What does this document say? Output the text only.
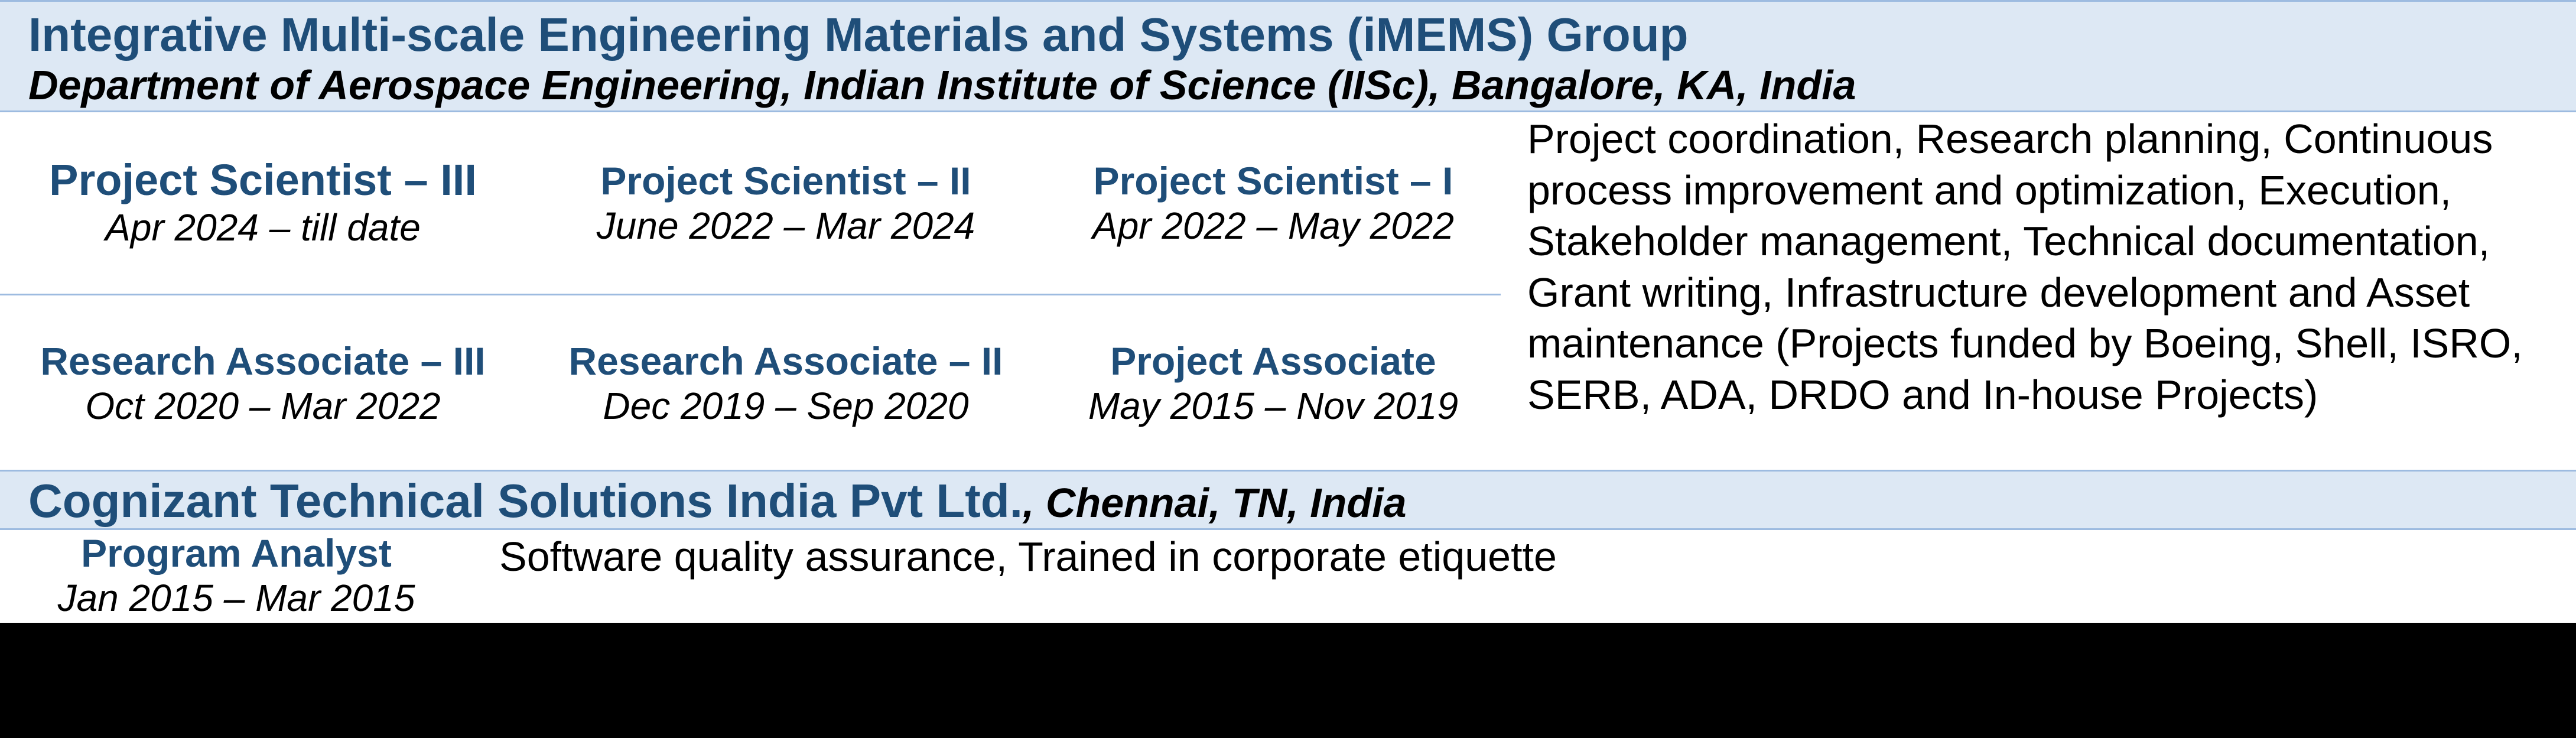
Integrative Multi-scale Engineering Materials and Systems (iMEMS) Group
Department of Aerospace Engineering, Indian Institute of Science (IISc), Bangalore, KA, India
Project Scientist – III
Apr 2024 – till date
Project Scientist – II
June 2022 – Mar 2024
Project Scientist – I
Apr 2022 – May 2022
Research Associate – III
Oct 2020 – Mar 2022
Research Associate – II
Dec 2019 – Sep 2020
Project Associate
May 2015 – Nov 2019
Project coordination, Research planning, Continuous process improvement and optimization, Execution, Stakeholder management, Technical documentation, Grant writing, Infrastructure development and Asset maintenance (Projects funded by Boeing, Shell, ISRO, SERB, ADA, DRDO and In-house Projects)
Cognizant Technical Solutions India Pvt Ltd., Chennai, TN, India
Program Analyst
Jan 2015 – Mar 2015
Software quality assurance, Trained in corporate etiquette
